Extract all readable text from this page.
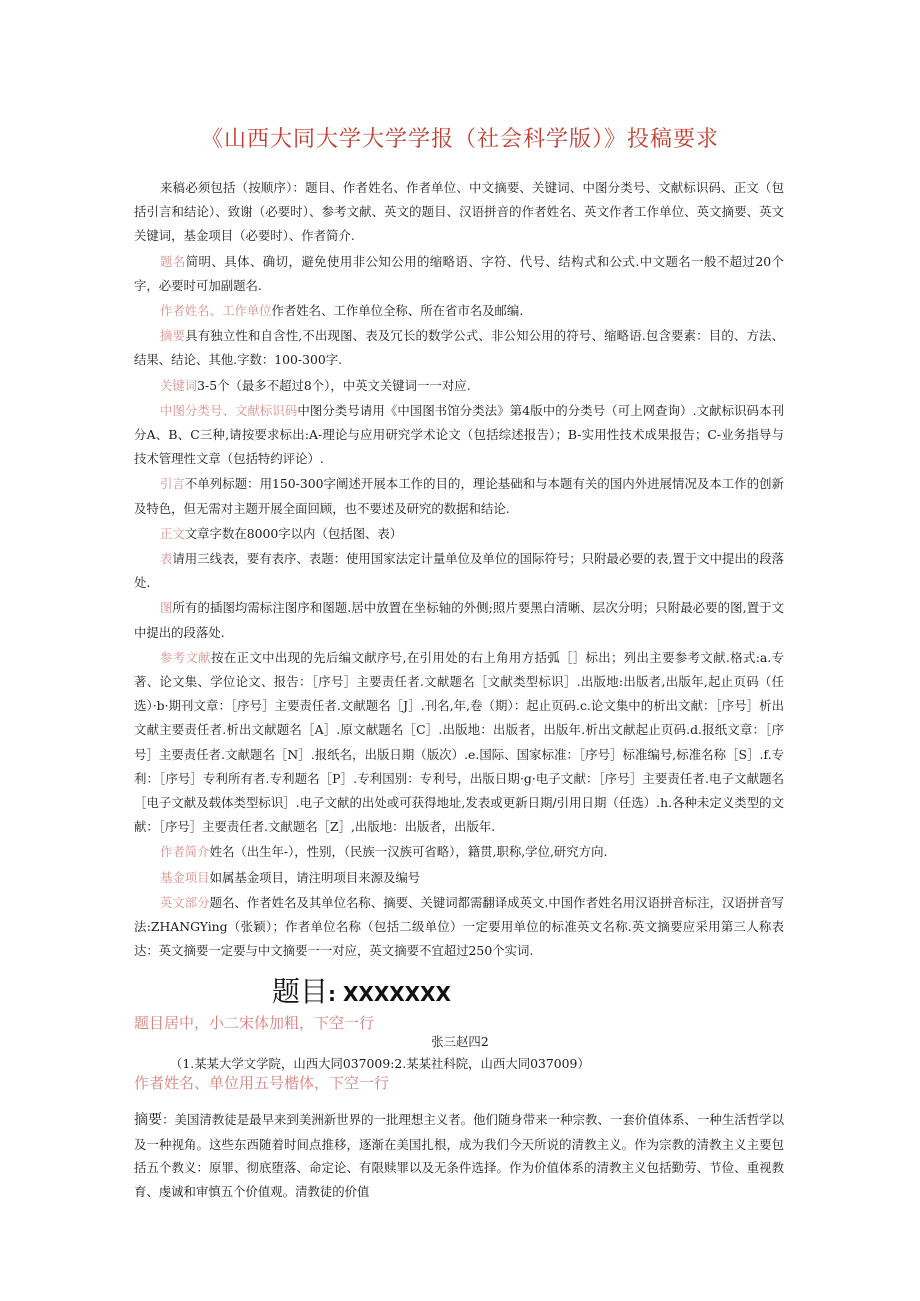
《山西大同大学大学学报（社会科学版）》投稿要求

来稿必须包括（按顺序）：题目、作者姓名、作者单位、中文摘要、关键词、中图分类号、文献标识码、正文（包括引言和结论）、致谢（必要时）、参考文献、英文的题目、汉语拼音的作者姓名、英文作者工作单位、英文摘要、英文关键词，基金项目（必要时）、作者简介.

题名简明、具体、确切，避免使用非公知公用的缩略语、字符、代号、结构式和公式.中文题名一般不超过20个字，必要时可加副题名.

作者姓名、工作单位作者姓名、工作单位全称、所在省市名及邮编.

摘要具有独立性和自含性,不出现图、表及冗长的数学公式、非公知公用的符号、缩略语.包含要素：目的、方法、结果、结论、其他.字数：100-300字.

关键词3-5个（最多不超过8个），中英文关键词一一对应.

中图分类号、文献标识码中图分类号请用《中国图书馆分类法》第4版中的分类号（可上网查询）.文献标识码本刊分A、B、C三种,请按要求标出:A-理论与应用研究学术论文（包括综述报告）；B-实用性技术成果报告；C-业务指导与技术管理性文章（包括特约评论）.

引言不单列标题：用150-300字阐述开展本工作的目的，理论基础和与本题有关的国内外进展情况及本工作的创新及特色，但无需对主题开展全面回顾，也不要述及研究的数据和结论.

正文文章字数在8000字以内（包括图、表）

表请用三线表，要有表序、表题：使用国家法定计量单位及单位的国际符号；只附最必要的表,置于文中提出的段落处.

图所有的插图均需标注图序和图题.居中放置在坐标轴的外侧;照片要黑白清晰、层次分明；只附最必要的图,置于文中提出的段落处.

参考文献按在正文中出现的先后编文献序号,在引用处的右上角用方括弧［］标出；列出主要参考文献.格式:a.专著、论文集、学位论文、报告：［序号］主要责任者.文献题名［文献类型标识］.出版地:出版者,出版年,起止页码（任选）·b·期刊文章：［序号］主要责任者.文献题名［J］.刊名,年,卷（期）：起止页码.c.论文集中的析出文献：［序号］析出文献主要责任者.析出文献题名［A］.原文献题名［C］.出版地：出版者，出版年.析出文献起止页码.d.报纸文章：［序号］主要责任者.文献题名［N］.报纸名，出版日期（版次）.e.国际、国家标准：［序号］标准编号,标准名称［S］.f.专利：［序号］专利所有者.专利题名［P］.专利国别：专利号，出版日期·g·电子文献：［序号］主要责任者.电子文献题名［电子文献及载体类型标识］.电子文献的出处或可获得地址,发表或更新日期/引用日期（任选）.h.各种未定义类型的文献：［序号］主要责任者.文献题名［Z］,出版地：出版者，出版年.

作者简介姓名（出生年-），性别，（民族一汉族可省略），籍贯,职称,学位,研究方向.

基金项目如属基金项目，请注明项目来源及编号

英文部分题名、作者姓名及其单位名称、摘要、关键词都需翻译成英文.中国作者姓名用汉语拼音标注，汉语拼音写法:ZHANGYing（张颖）；作者单位名称（包括二级单位）一定要用单位的标准英文名称.英文摘要应采用第三人称表达：英文摘要一定要与中文摘要一一对应，英文摘要不宜超过250个实词.

题目: XXXXXXX
题目居中，小二宋体加粗，下空一行
张三赵四2
（1.某某大学文学院，山西大同037009:2.某某社科院，山西大同037009）
作者姓名、单位用五号楷体，下空一行
摘要：美国清教徒是最早来到美洲新世界的一批理想主义者。他们随身带来一种宗教、一套价值体系、一种生活哲学以及一种视角。这些东西随着时间点推移，逐渐在美国扎根，成为我们今天所说的清教主义。作为宗教的清教主义主要包括五个教义：原罪、彻底堕落、命定论、有限赎罪以及无条件选择。作为价值体系的清教主义包括勤劳、节俭、重视教育、虔诚和审慎五个价值观。清教徒的价值
